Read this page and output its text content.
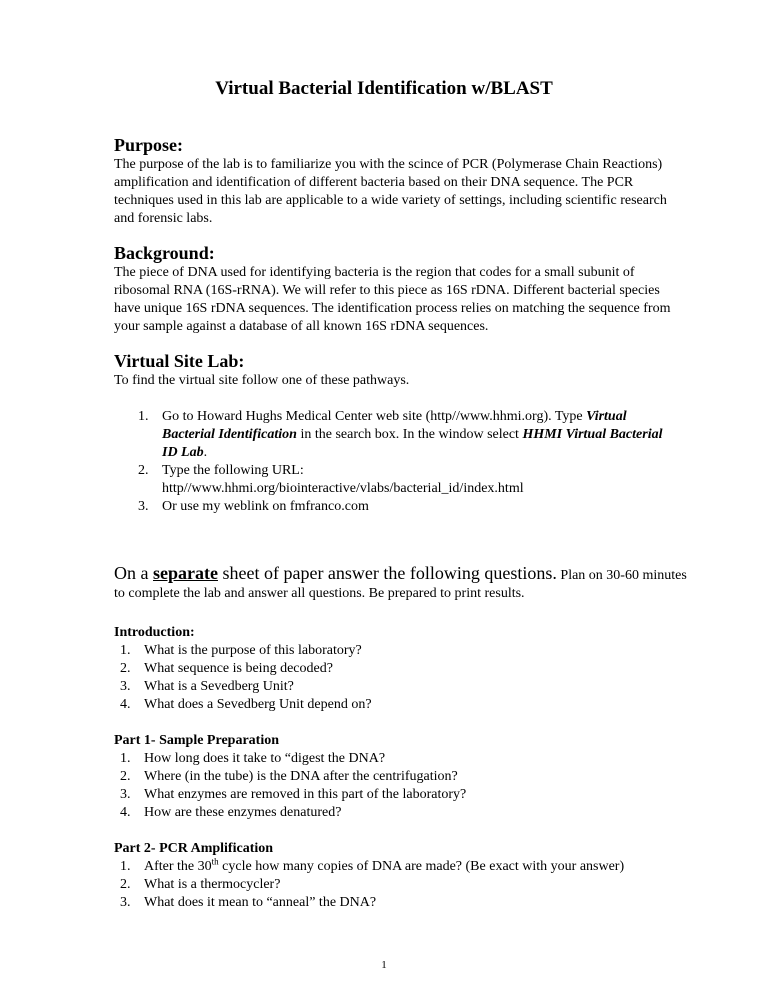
Virtual Bacterial Identification w/BLAST
Purpose:

The purpose of the lab is to familiarize you with the scince of PCR (Polymerase Chain Reactions) amplification and identification of different bacteria based on their DNA sequence. The PCR techniques used in this lab are applicable to a wide variety of settings, including scientific research and forensic labs.

Background:

The piece of DNA used for identifying bacteria is the region that codes for a small subunit of ribosomal RNA (16S-rRNA). We will refer to this piece as 16S rDNA. Different bacterial species have unique 16S rDNA sequences. The identification process relies on matching the sequence from your sample against a database of all known 16S rDNA sequences.

Virtual Site Lab:
To find the virtual site follow one of these pathways.
1. Go to Howard Hughs Medical Center web site (http//www.hhmi.org). Type Virtual Bacterial Identification in the search box. In the window select HHMI Virtual Bacterial ID Lab.
2. Type the following URL:
http//www.hhmi.org/biointeractive/vlabs/bacterial_id/index.html
3. Or use my weblink on fmfranco.com
On a separate sheet of paper answer the following questions. Plan on 30-60 minutes to complete the lab and answer all questions. Be prepared to print results.
Introduction:
1. What is the purpose of this laboratory?
2. What sequence is being decoded?
3. What is a Sevedberg Unit?
4. What does a Sevedberg Unit depend on?
Part 1- Sample Preparation
1. How long does it take to “digest the DNA?
2. Where (in the tube) is the DNA after the centrifugation?
3. What enzymes are removed in this part of the laboratory?
4. How are these enzymes denatured?
Part 2- PCR Amplification
1. After the 30th cycle how many copies of DNA are made? (Be exact with your answer)
2. What is a thermocycler?
3. What does it mean to “anneal” the DNA?
1
